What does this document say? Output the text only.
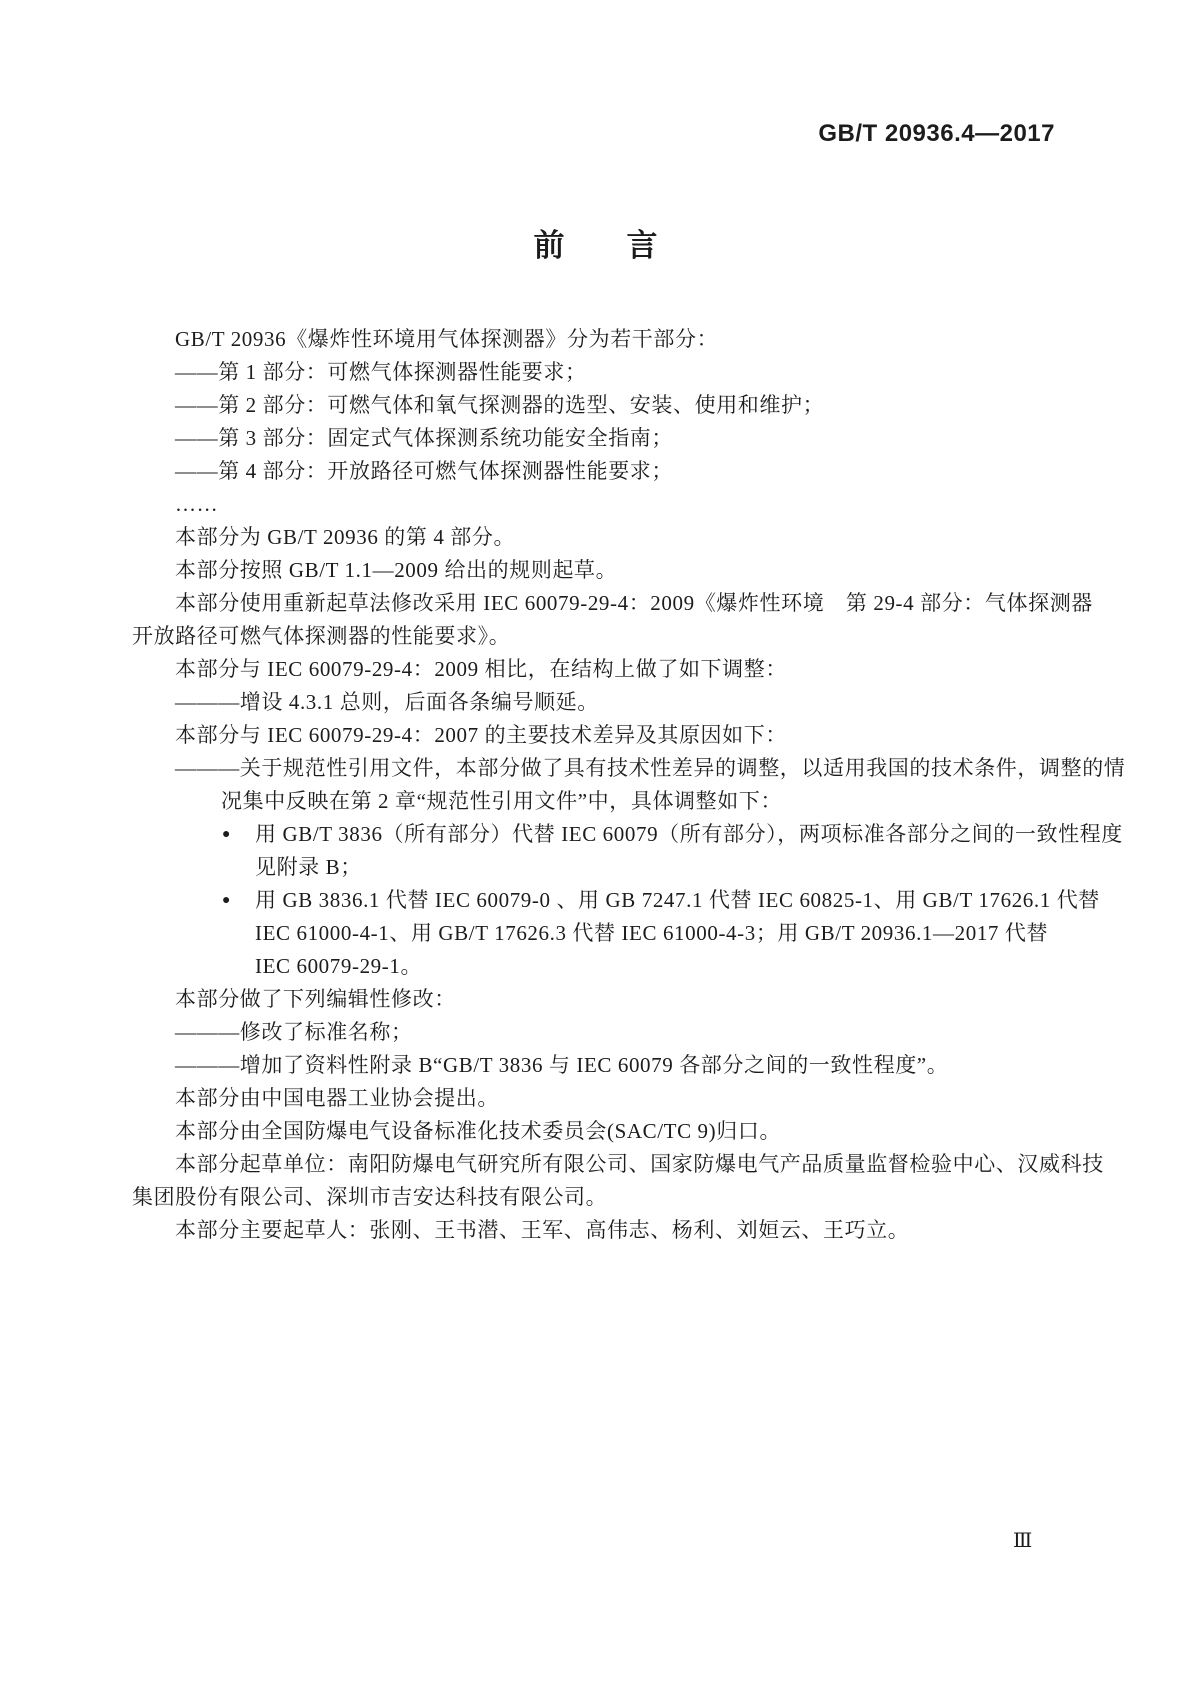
GB/T 20936.4—2017
前　　言
GB/T 20936《爆炸性环境用气体探测器》分为若干部分：
——第 1 部分：可燃气体探测器性能要求；
——第 2 部分：可燃气体和氧气探测器的选型、安装、使用和维护；
——第 3 部分：固定式气体探测系统功能安全指南；
——第 4 部分：开放路径可燃气体探测器性能要求；
……
本部分为 GB/T 20936 的第 4 部分。
本部分按照 GB/T 1.1—2009 给出的规则起草。
本部分使用重新起草法修改采用 IEC 60079-29-4：2009《爆炸性环境　第 29-4 部分：气体探测器
开放路径可燃气体探测器的性能要求》。
本部分与 IEC 60079-29-4：2009 相比，在结构上做了如下调整：
———增设 4.3.1 总则，后面各条编号顺延。
本部分与 IEC 60079-29-4：2007 的主要技术差异及其原因如下：
———关于规范性引用文件，本部分做了具有技术性差异的调整，以适用我国的技术条件，调整的情
况集中反映在第 2 章“规范性引用文件”中，具体调整如下：
● 用 GB/T 3836（所有部分）代替 IEC 60079（所有部分），两项标准各部分之间的一致性程度
见附录 B；
● 用 GB 3836.1 代替 IEC 60079-0 、用 GB 7247.1 代替 IEC 60825-1、用 GB/T 17626.1 代替
IEC 61000-4-1、用 GB/T 17626.3 代替 IEC 61000-4-3；用 GB/T 20936.1—2017 代替
IEC 60079-29-1。
本部分做了下列编辑性修改：
———修改了标准名称；
———增加了资料性附录 B“GB/T 3836 与 IEC 60079 各部分之间的一致性程度”。
本部分由中国电器工业协会提出。
本部分由全国防爆电气设备标准化技术委员会(SAC/TC 9)归口。
本部分起草单位：南阳防爆电气研究所有限公司、国家防爆电气产品质量监督检验中心、汉威科技
集团股份有限公司、深圳市吉安达科技有限公司。
本部分主要起草人：张刚、王书潜、王军、高伟志、杨利、刘姮云、王巧立。
Ⅲ
